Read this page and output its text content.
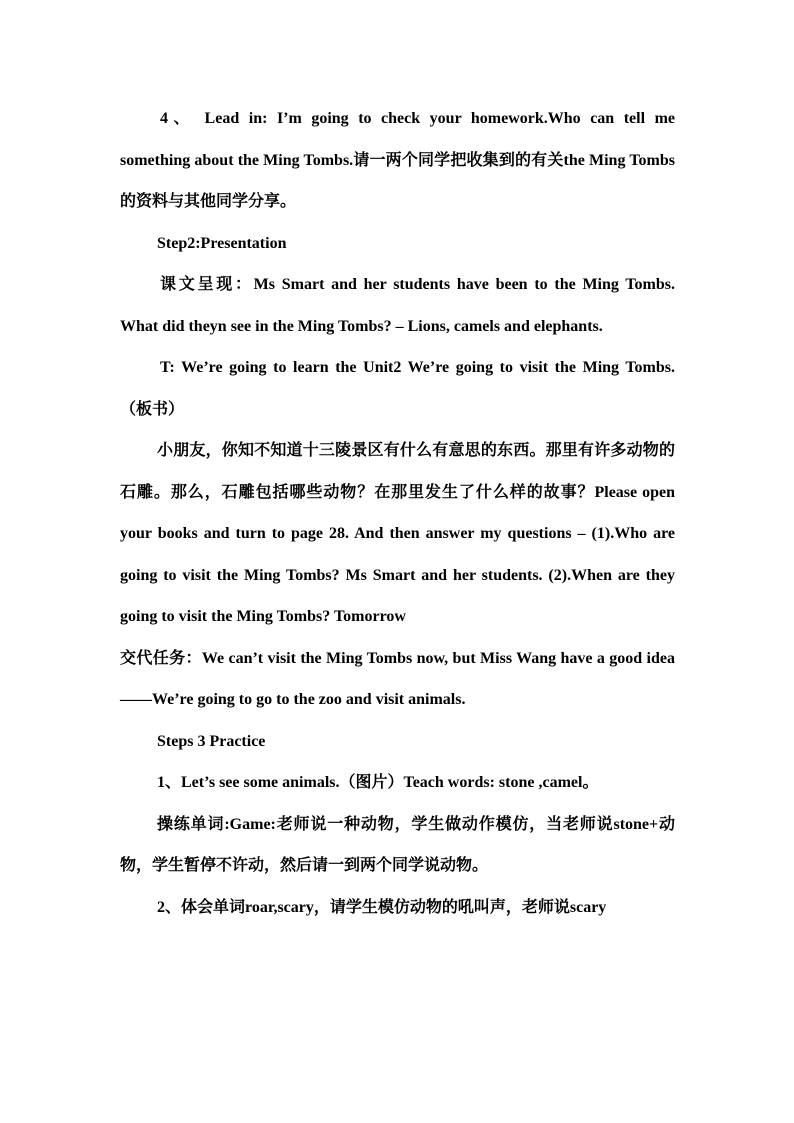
4、 Lead in: I’m going to check your homework.Who can tell me something about the Ming Tombs.请一两个同学把收集到的有关the Ming Tombs的资料与其他同学分享。

Step2:Presentation

课文呈现：Ms Smart and her students have been to the Ming Tombs. What did theyn see in the Ming Tombs? – Lions, camels and elephants.

T: We’re going to learn the Unit2 We’re going to visit the Ming Tombs. （板书）

小朋友，你知不知道十三陵景区有什么有意思的东西。那里有许多动物的石雕。那么，石雕包括哪些动物？在那里发生了什么样的故事？Please open your books and turn to page 28. And then answer my questions – (1).Who are going to visit the Ming Tombs? Ms Smart and her students. (2).When are they going to visit the Ming Tombs? Tomorrow

交代任务：We can’t visit the Ming Tombs now, but Miss Wang have a good idea——We’re going to go to the zoo and visit animals.

Steps 3 Practice

1、Let’s see some animals.（图片）Teach words: stone ,camel。

操练单词:Game:老师说一种动物，学生做动作模仿，当老师说stone+动物，学生暂停不许动，然后请一到两个同学说动物。

2、体会单词roar,scary，请学生模仿动物的吼叫声，老师说scary
